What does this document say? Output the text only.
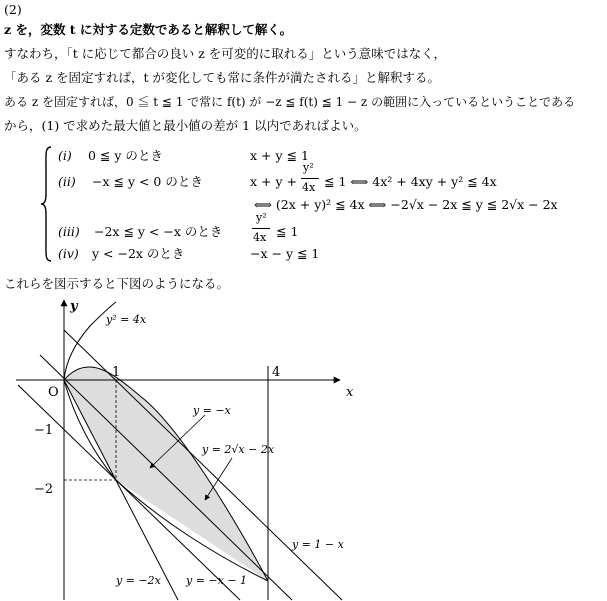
(2)
z を，変数 t に対する定数であると解釈して解く。
すなわち，「t に応じて都合の良い z を可変的に取れる」という意味ではなく，
「ある z を固定すれば，t が変化しても常に条件が満たされる」と解釈する。
ある z を固定すれば，0 ≦ t ≦ 1 で常に f(t) が −z ≦ f(t) ≦ 1 − z の範囲に入っているということである
から，(1) で求めた最大値と最小値の差が 1 以内であればよい。
(i) 0 ≦ y のとき	x + y ≦ 1
(ii) −x ≦ y < 0 のとき	x + y +
y²
4x ≦ 1 ⟺ 4x² + 4xy + y² ≦ 4x
⟺ (2x + y)² ≦ 4x ⟺ −2√x − 2x ≦ y ≦ 2√x − 2x
(iii) −2x ≦ y < −x のとき
y²
4x ≦ 1
(iv) y < −2x のとき	−x − y ≦ 1
これらを図示すると下図のようになる。
x
y
O
1	4
−1
−2
y² = 4x
y = −x
y = 2√x − 2x
y = 1 − x
y = −2x y = −x − 1
